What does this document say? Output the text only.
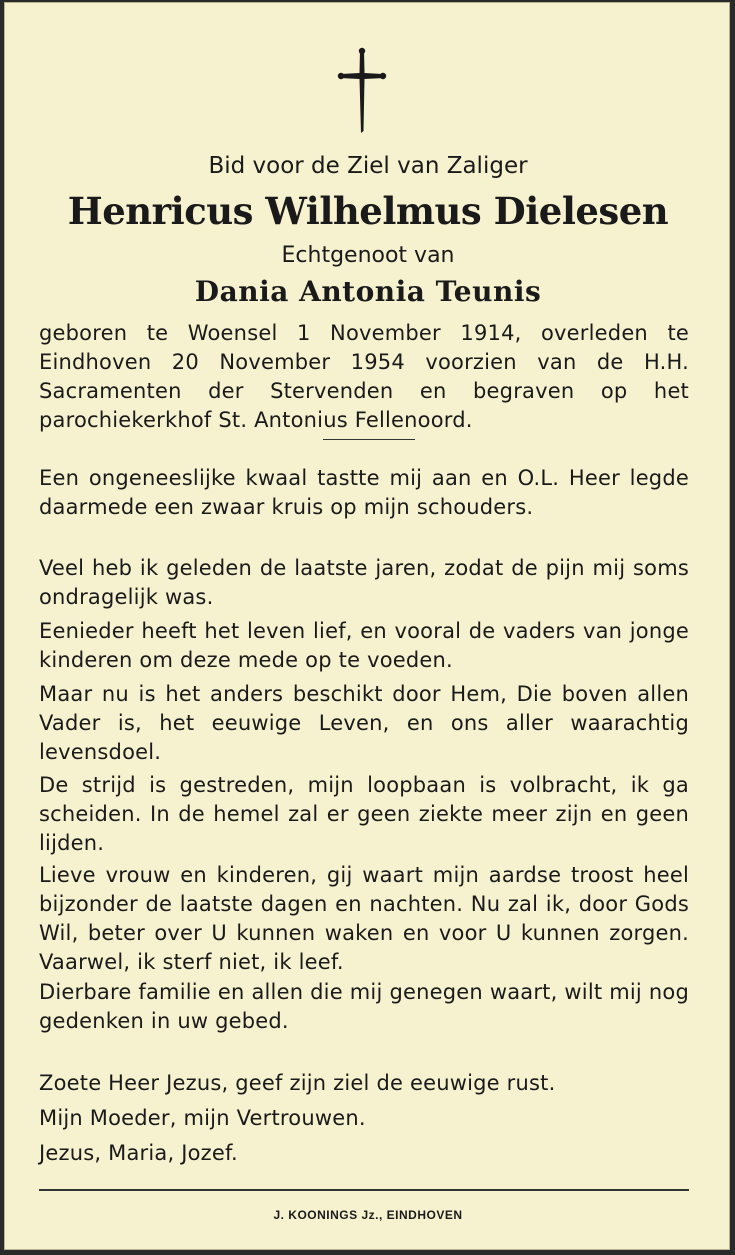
Bid voor de Ziel van Zaliger
Henricus Wilhelmus Dielesen
Echtgenoot van
Dania Antonia Teunis
geboren te Woensel 1 November 1914, overleden te Eindhoven 20 November 1954 voorzien van de H.H. Sacramenten der Stervenden en begraven op het parochiekerkhof St. Antonius Fellenoord.
Een ongeneeslijke kwaal tastte mij aan en O.L. Heer legde daarmede een zwaar kruis op mijn schouders.
Veel heb ik geleden de laatste jaren, zodat de pijn mij soms ondragelijk was.
Eenieder heeft het leven lief, en vooral de vaders van jonge kinderen om deze mede op te voeden.
Maar nu is het anders beschikt door Hem, Die boven allen Vader is, het eeuwige Leven, en ons aller waarachtig levensdoel.
De strijd is gestreden, mijn loopbaan is volbracht, ik ga scheiden. In de hemel zal er geen ziekte meer zijn en geen lijden.
Lieve vrouw en kinderen, gij waart mijn aardse troost heel bijzonder de laatste dagen en nachten. Nu zal ik, door Gods Wil, beter over U kunnen waken en voor U kunnen zorgen. Vaarwel, ik sterf niet, ik leef.
Dierbare familie en allen die mij genegen waart, wilt mij nog gedenken in uw gebed.
Zoete Heer Jezus, geef zijn ziel de eeuwige rust.
Mijn Moeder, mijn Vertrouwen.
Jezus, Maria, Jozef.
J. KOONINGS Jz., EINDHOVEN
